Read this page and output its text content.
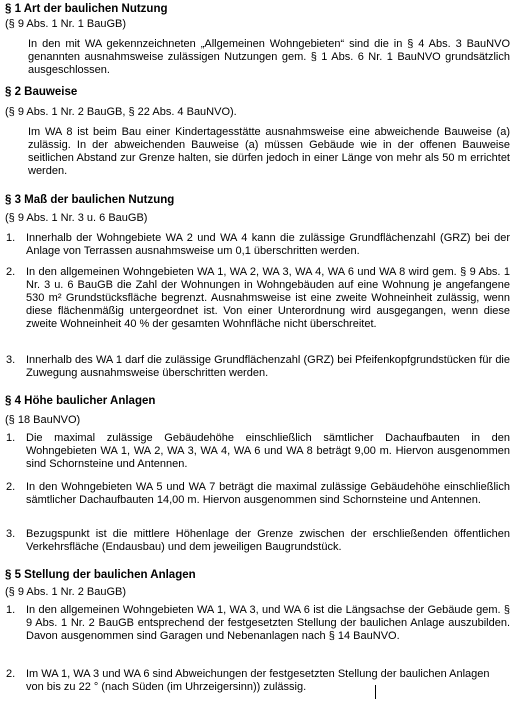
§ 1 Art der baulichen Nutzung
(§ 9 Abs. 1 Nr. 1 BauGB)
In den mit WA gekennzeichneten „Allgemeinen Wohngebieten“ sind die in § 4 Abs. 3 BauNVO genannten ausnahmsweise zulässigen Nutzungen gem. § 1 Abs. 6 Nr. 1 BauNVO grundsätzlich ausgeschlossen.
§ 2 Bauweise
(§ 9 Abs. 1 Nr. 2 BauGB, § 22 Abs. 4 BauNVO).
Im WA 8 ist beim Bau einer Kindertagesstätte ausnahmsweise eine abweichende Bauweise (a) zulässig. In der abweichenden Bauweise (a) müssen Gebäude wie in der offenen Bauweise seitlichen Abstand zur Grenze halten, sie dürfen jedoch in einer Länge von mehr als 50 m errichtet werden.
§ 3 Maß der baulichen Nutzung
(§ 9 Abs. 1 Nr. 3 u. 6 BauGB)
1. Innerhalb der Wohngebiete WA 2 und WA 4 kann die zulässige Grundflächenzahl (GRZ) bei der Anlage von Terrassen ausnahmsweise um 0,1 überschritten werden.
2. In den allgemeinen Wohngebieten WA 1, WA 2, WA 3, WA 4, WA 6 und WA 8 wird gem. § 9 Abs. 1 Nr. 3 u. 6 BauGB die Zahl der Wohnungen in Wohngebäuden auf eine Wohnung je angefangene 530 m² Grundstücksfläche begrenzt. Ausnahmsweise ist eine zweite Wohneinheit zulässig, wenn diese flächenmäßig untergeordnet ist. Von einer Unterordnung wird ausgegangen, wenn diese zweite Wohneinheit 40 % der gesamten Wohnfläche nicht überschreitet.
3. Innerhalb des WA 1 darf die zulässige Grundflächenzahl (GRZ) bei Pfeifenkopfgrundstücken für die Zuwegung ausnahmsweise überschritten werden.
§ 4 Höhe baulicher Anlagen
(§ 18 BauNVO)
1. Die maximal zulässige Gebäudehöhe einschließlich sämtlicher Dachaufbauten in den Wohngebieten WA 1, WA 2, WA 3, WA 4, WA 6 und WA 8 beträgt 9,00 m. Hiervon ausgenommen sind Schornsteine und Antennen.
2. In den Wohngebieten WA 5 und WA 7 beträgt die maximal zulässige Gebäudehöhe einschließlich sämtlicher Dachaufbauten 14,00 m. Hiervon ausgenommen sind Schornsteine und Antennen.
3. Bezugspunkt ist die mittlere Höhenlage der Grenze zwischen der erschließenden öffentlichen Verkehrsfläche (Endausbau) und dem jeweiligen Baugrundstück.
§ 5 Stellung der baulichen Anlagen
(§ 9 Abs. 1 Nr. 2 BauGB)
1. In den allgemeinen Wohngebieten WA 1, WA 3, und WA 6 ist die Längsachse der Gebäude gem. § 9 Abs. 1 Nr. 2 BauGB entsprechend der festgesetzten Stellung der baulichen Anlage auszubilden. Davon ausgenommen sind Garagen und Nebenanlagen nach § 14 BauNVO.
2. Im WA 1, WA 3 und WA 6 sind Abweichungen der festgesetzten Stellung der baulichen Anlagen von bis zu 22 ° (nach Süden (im Uhrzeigersinn)) zulässig.
